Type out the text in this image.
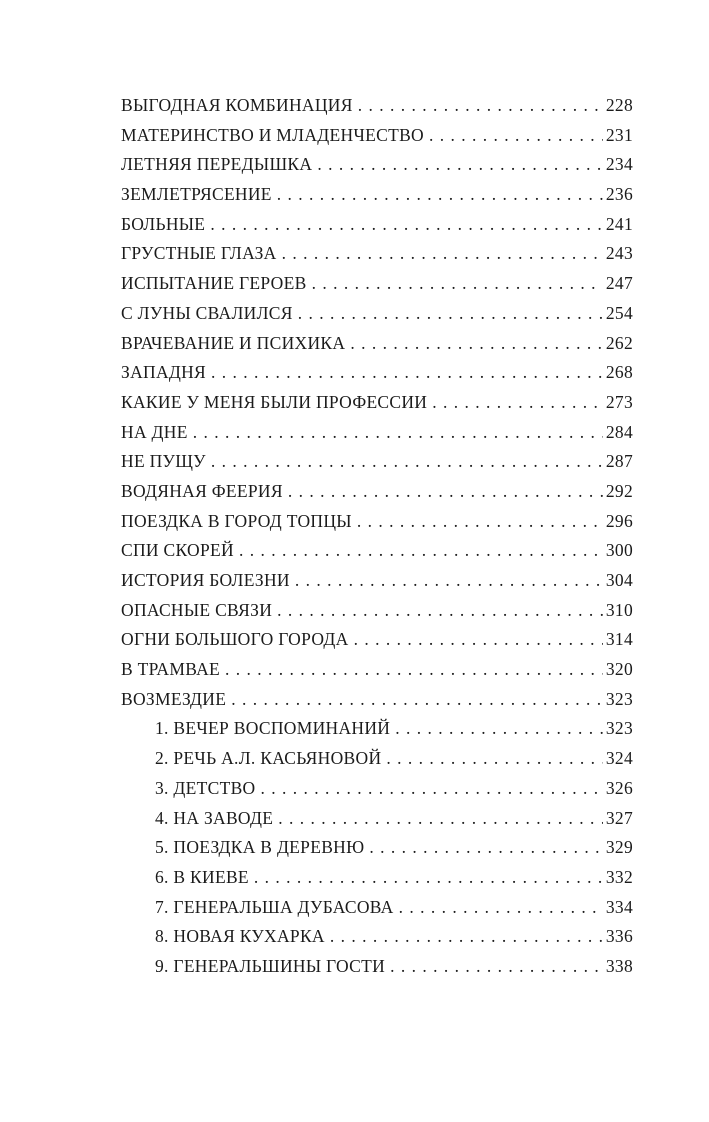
ВЫГОДНАЯ КОМБИНАЦИЯ . . .	228
МАТЕРИНСТВО И МЛАДЕНЧЕСТВО . . .	231
ЛЕТНЯЯ ПЕРЕДЫШКА . . .	234
ЗЕМЛЕТРЯСЕНИЕ . . .	236
БОЛЬНЫЕ . . .	241
ГРУСТНЫЕ ГЛАЗА . . .	243
ИСПЫТАНИЕ ГЕРОЕВ . . .	247
С ЛУНЫ СВАЛИЛСЯ . . .	254
ВРАЧЕВАНИЕ И ПСИХИКА . . .	262
ЗАПАДНЯ . . .	268
КАКИЕ У МЕНЯ БЫЛИ ПРОФЕССИИ . . .	273
НА ДНЕ . . .	284
НЕ ПУЩУ . . .	287
ВОДЯНАЯ ФЕЕРИЯ . . .	292
ПОЕЗДКА В ГОРОД ТОПЦЫ . . .	296
СПИ СКОРЕЙ . . .	300
ИСТОРИЯ БОЛЕЗНИ . . .	304
ОПАСНЫЕ СВЯЗИ . . .	310
ОГНИ БОЛЬШОГО ГОРОДА . . .	314
В ТРАМВАЕ . . .	320
ВОЗМЕЗДИЕ . . .	323
1. ВЕЧЕР ВОСПОМИНАНИЙ . . .	323
2. РЕЧЬ А.Л. КАСЬЯНОВОЙ . . .	324
3. ДЕТСТВО . . .	326
4. НА ЗАВОДЕ . . .	327
5. ПОЕЗДКА В ДЕРЕВНЮ . . .	329
6. В КИЕВЕ . . .	332
7. ГЕНЕРАЛЬША ДУБАСОВА . . .	334
8. НОВАЯ КУХАРКА . . .	336
9. ГЕНЕРАЛЬШИНЫ ГОСТИ . . .	338
